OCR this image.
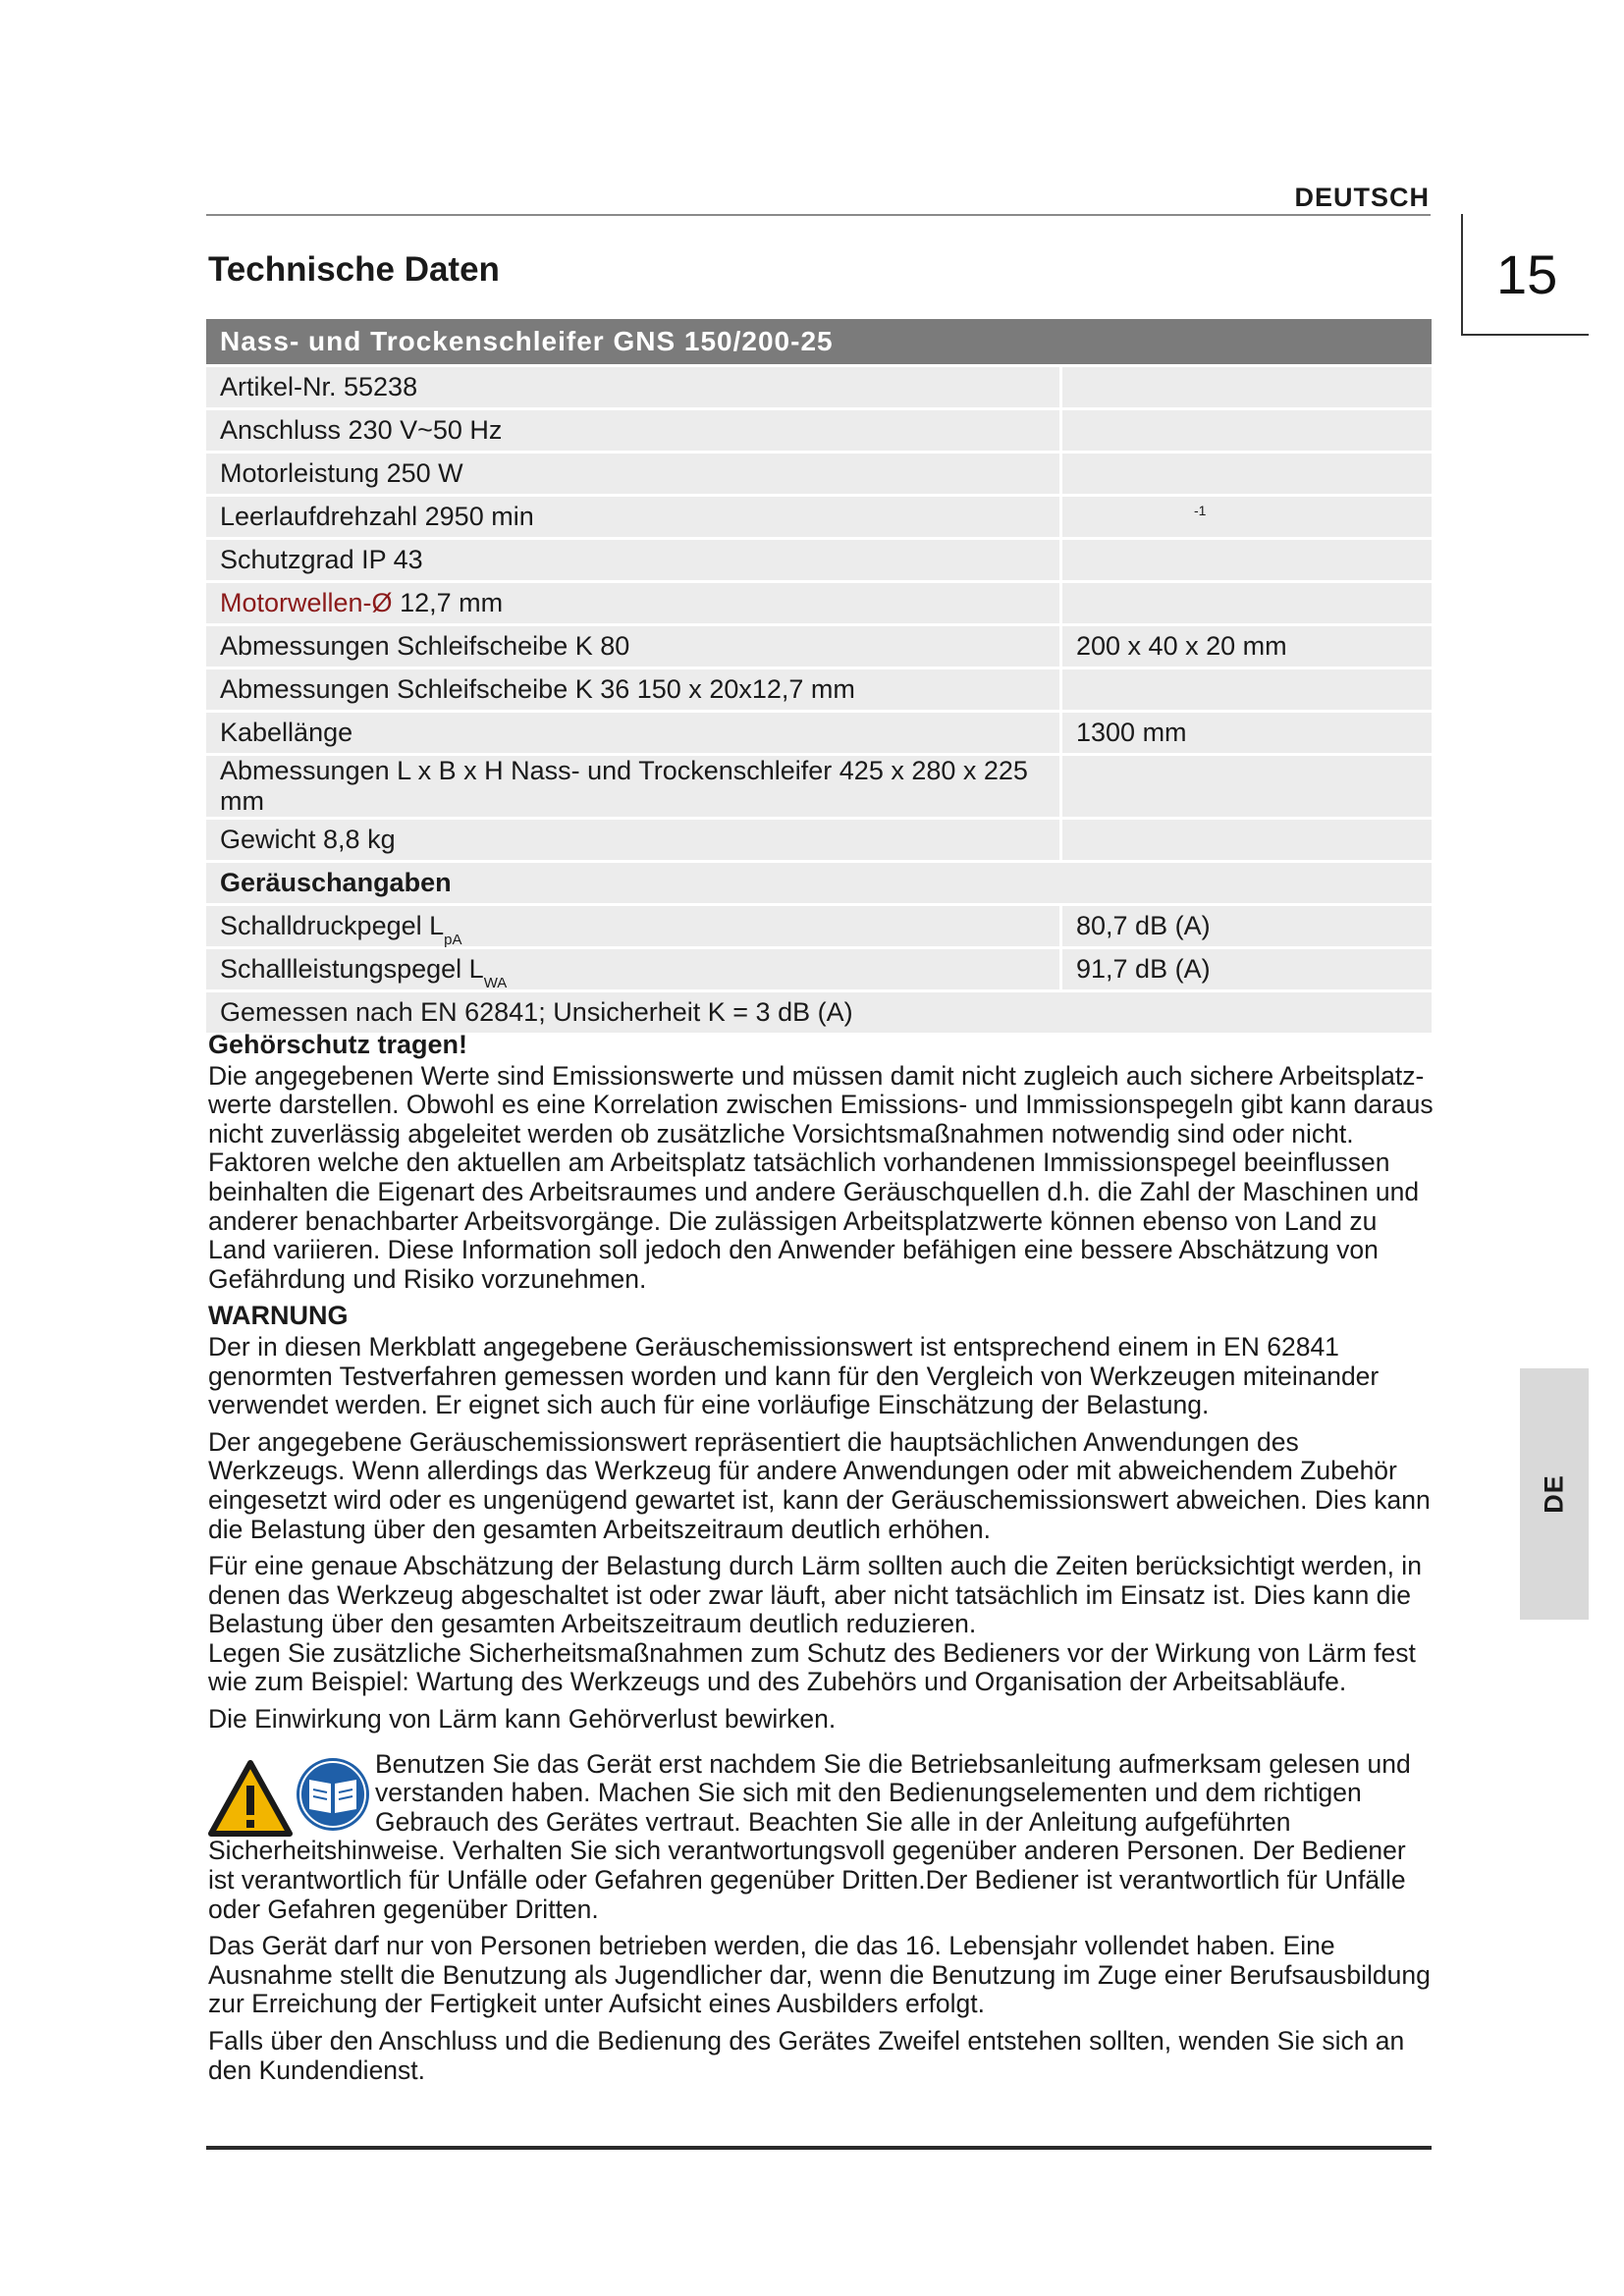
DEUTSCH
15
Technische Daten
Nass- und Trockenschleifer GNS 150/200-25	
Artikel-Nr. 55238	
Anschluss 230 V~50 Hz	
Motorleistung 250 W	
Leerlaufdrehzahl 2950 min	$^{-1}$
Schutzgrad IP 43	
Motorwellen-Ø 12,7 mm	
Abmessungen Schleifscheibe K 80	200 x 40 x 20 mm
Abmessungen Schleifscheibe K 36 150 x 20x12,7 mm	
Kabellänge	1300 mm
Abmessungen L x B x H Nass- und Trockenschleifer 425 x 280 x 225 mm	
Gewicht 8,8 kg	
Geräuschangaben	
Schalldruckpegel $L_{pA}$	80,7 dB (A)
Schallleistungspegel $L_{WA}$	91,7 dB (A)
Gemessen nach EN 62841; Unsicherheit K = 3 dB (A)	

Gehörschutz tragen!

Die angegebenen Werte sind Emissionswerte und müssen damit nicht zugleich auch sichere Arbeitsplatz-werte darstellen. Obwohl es eine Korrelation zwischen Emissions- und Immissionspegeln gibt kann daraus nicht zuverlässig abgeleitet werden ob zusätzliche Vorsichtsmaßnahmen notwendig sind oder nicht. Faktoren welche den aktuellen am Arbeitsplatz tatsächlich vorhandenen Immissionspegel beeinflussen beinhalten die Eigenart des Arbeitsraumes und andere Geräuschquellen d.h. die Zahl der Maschinen und anderer benachbarter Arbeitsvorgänge. Die zulässigen Arbeitsplatzwerte können ebenso von Land zu Land variieren. Diese Information soll jedoch den Anwender befähigen eine bessere Abschätzung von Gefährdung und Risiko vorzunehmen.

WARNUNG

Der in diesen Merkblatt angegebene Geräuschemissionswert ist entsprechend einem in EN 62841 genormten Testverfahren gemessen worden und kann für den Vergleich von Werkzeugen miteinander verwendet werden. Er eignet sich auch für eine vorläufige Einschätzung der Belastung.

Der angegebene Geräuschemissionswert repräsentiert die hauptsächlichen Anwendungen des Werkzeugs. Wenn allerdings das Werkzeug für andere Anwendungen oder mit abweichendem Zubehör eingesetzt wird oder es ungenügend gewartet ist, kann der Geräuschemissionswert abweichen. Dies kann die Belastung über den gesamten Arbeitszeitraum deutlich erhöhen.

Für eine genaue Abschätzung der Belastung durch Lärm sollten auch die Zeiten berücksichtigt werden, in denen das Werkzeug abgeschaltet ist oder zwar läuft, aber nicht tatsächlich im Einsatz ist. Dies kann die Belastung über den gesamten Arbeitszeitraum deutlich reduzieren.

Legen Sie zusätzliche Sicherheitsmaßnahmen zum Schutz des Bedieners vor der Wirkung von Lärm fest wie zum Beispiel: Wartung des Werkzeugs und des Zubehörs und Organisation der Arbeitsabläufe.

Die Einwirkung von Lärm kann Gehörverlust bewirken.

Benutzen Sie das Gerät erst nachdem Sie die Betriebsanleitung aufmerksam gelesen und verstanden haben. Machen Sie sich mit den Bedienungselementen und dem richtigen Gebrauch des Gerätes vertraut. Beachten Sie alle in der Anleitung aufgeführten Sicherheitshinweise. Verhalten Sie sich verantwortungsvoll gegenüber anderen Personen. Der Bediener ist verantwortlich für Unfälle oder Gefahren gegenüber Dritten.Der Bediener ist verantwortlich für Unfälle oder Gefahren gegenüber Dritten.

Das Gerät darf nur von Personen betrieben werden, die das 16. Lebensjahr vollendet haben. Eine Ausnahme stellt die Benutzung als Jugendlicher dar, wenn die Benutzung im Zuge einer Berufsausbildung zur Erreichung der Fertigkeit unter Aufsicht eines Ausbilders erfolgt.

Falls über den Anschluss und die Bedienung des Gerätes Zweifel entstehen sollten, wenden Sie sich an den Kundendienst.

DE
